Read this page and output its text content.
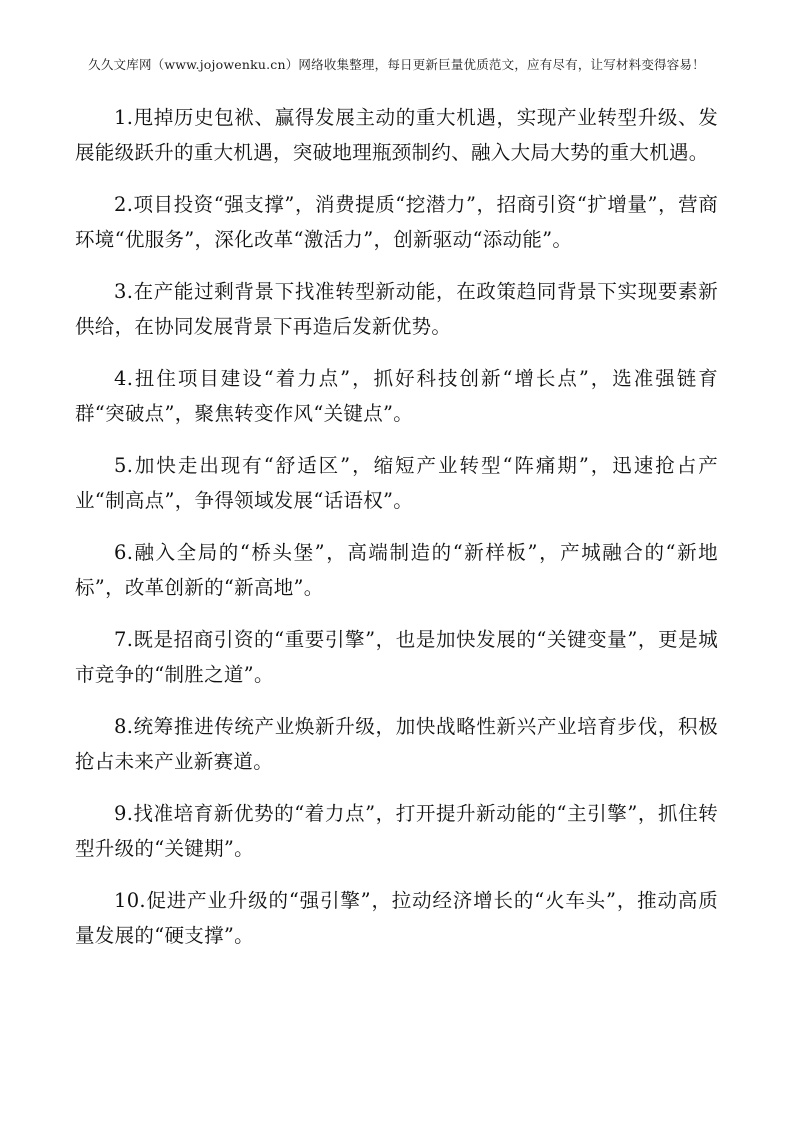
久久文库网（www.jojowenku.cn）网络收集整理，每日更新巨量优质范文，应有尽有，让写材料变得容易！

1.甩掉历史包袱、赢得发展主动的重大机遇，实现产业转型升级、发展能级跃升的重大机遇，突破地理瓶颈制约、融入大局大势的重大机遇。

2.项目投资“强支撑”，消费提质“挖潜力”，招商引资“扩增量”，营商环境“优服务”，深化改革“激活力”，创新驱动“添动能”。

3.在产能过剩背景下找准转型新动能，在政策趋同背景下实现要素新供给，在协同发展背景下再造后发新优势。

4.扭住项目建设“着力点”，抓好科技创新“增长点”，选准强链育群“突破点”，聚焦转变作风“关键点”。

5.加快走出现有“舒适区”，缩短产业转型“阵痛期”，迅速抢占产业“制高点”，争得领域发展“话语权”。

6.融入全局的“桥头堡”，高端制造的“新样板”，产城融合的“新地标”，改革创新的“新高地”。

7.既是招商引资的“重要引擎”，也是加快发展的“关键变量”，更是城市竞争的“制胜之道”。

8.统筹推进传统产业焕新升级，加快战略性新兴产业培育步伐，积极抢占未来产业新赛道。

9.找准培育新优势的“着力点”，打开提升新动能的“主引擎”，抓住转型升级的“关键期”。

10.促进产业升级的“强引擎”，拉动经济增长的“火车头”，推动高质量发展的“硬支撑”。
